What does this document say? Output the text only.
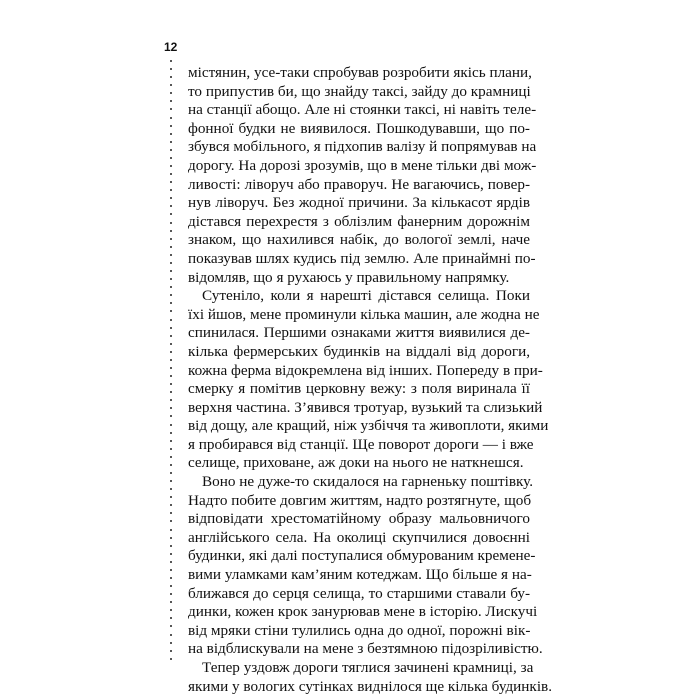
12
містянин, усе-таки спробував розробити якісь плани,
то припустив би, що знайду таксі, зайду до крамниці
на станції абощо. Але ні стоянки таксі, ні навіть теле-
фонної будки не виявилося. Пошкодувавши, що по-
збувся мобільного, я підхопив валізу й попрямував на
дорогу. На дорозі зрозумів, що в мене тільки дві мож-
ливості: ліворуч або праворуч. Не вагаючись, повер-
нув ліворуч. Без жодної причини. За кількасот ярдів
дістався перехрестя з облізлим фанерним дорожнім
знаком, що нахилився набік, до вологої землі, наче
показував шлях кудись під землю. Але принаймні по-
відомляв, що я рухаюсь у правильному напрямку.
Сутеніло, коли я нарешті дістався селища. Поки
їхі йшов, мене проминули кілька машин, але жодна не
спинилася. Першими ознаками життя виявилися де-
кілька фермерських будинків на віддалі від дороги,
кожна ферма відокремлена від інших. Попереду в при-
смерку я помітив церковну вежу: з поля виринала її
верхня частина. З’явився тротуар, вузький та слизький
від дощу, але кращий, ніж узбіччя та живоплоти, якими
я пробирався від станції. Ще поворот дороги — і вже
селище, приховане, аж доки на нього не наткнешся.
Воно не дуже-то скидалося на гарненьку поштівку.
Надто побите довгим життям, надто розтягнуте, щоб
відповідати хрестоматійному образу мальовничого
англійського села. На околиці скупчилися довоєнні
будинки, які далі поступалися обмурованим кремене-
вими уламками кам’яним котеджам. Що більше я на-
ближався до серця селища, то старшими ставали бу-
динки, кожен крок занурював мене в історію. Лискучі
від мряки стіни тулились одна до одної, порожні вік-
на відблискували на мене з безтямною підозріливістю.
Тепер уздовж дороги тяглися зачинені крамниці, за
якими у вологих сутінках виднілося ще кілька будинків.
